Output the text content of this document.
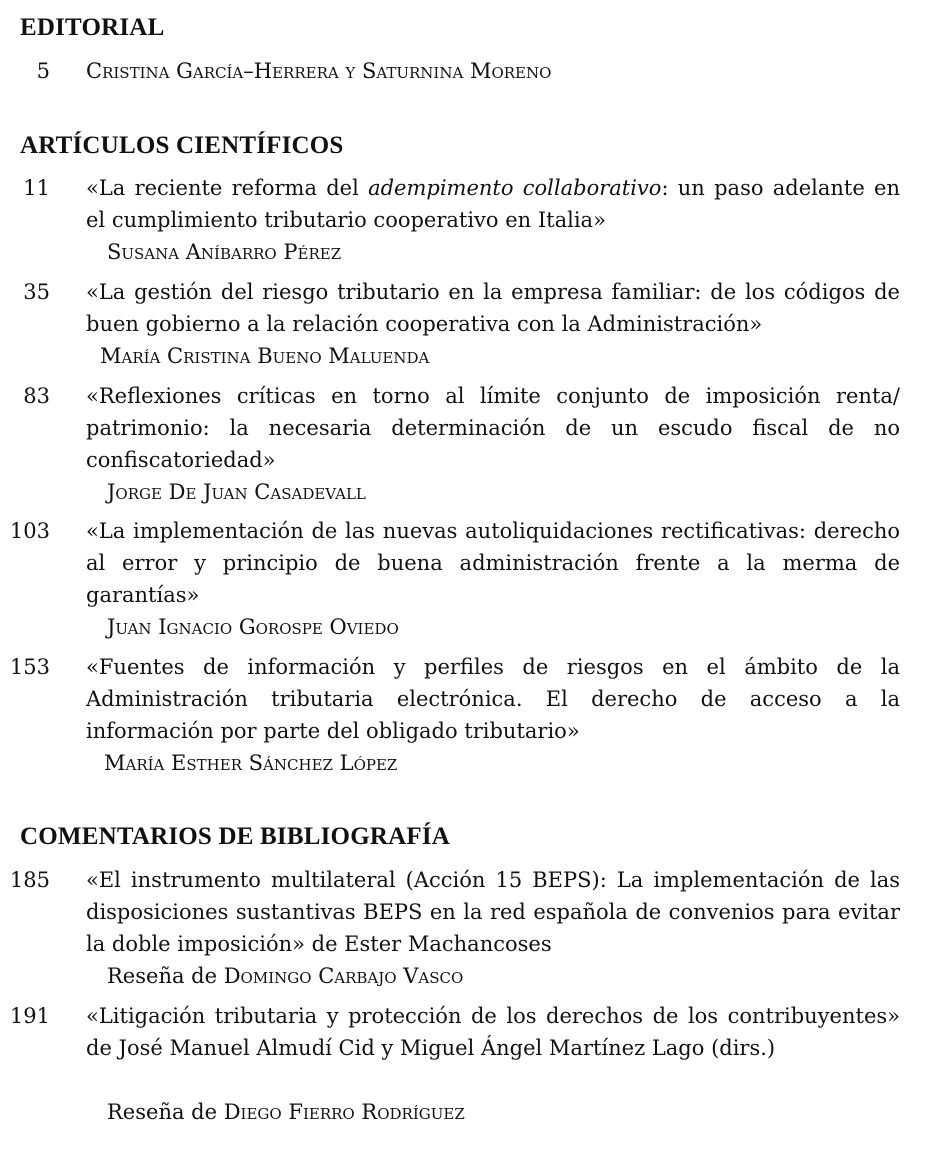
EDITORIAL
5 Cristina García–Herrera y Saturnina Moreno
ARTÍCULOS CIENTÍFICOS
11 «La reciente reforma del adempimento collaborativo: un paso adelante en el cumplimiento tributario cooperativo en Italia»
Susana Aníbarro Pérez
35 «La gestión del riesgo tributario en la empresa familiar: de los códigos de buen gobierno a la relación cooperativa con la Administración»
María Cristina Bueno Maluenda
83 «Reflexiones críticas en torno al límite conjunto de imposición renta/ patrimonio: la necesaria determinación de un escudo fiscal de no confiscatoriedad»
Jorge De Juan Casadevall
103 «La implementación de las nuevas autoliquidaciones rectificativas: derecho al error y principio de buena administración frente a la merma de garantías»
Juan Ignacio Gorospe Oviedo
153 «Fuentes de información y perfiles de riesgos en el ámbito de la Administración tributaria electrónica. El derecho de acceso a la información por parte del obligado tributario»
María Esther Sánchez López
COMENTARIOS DE BIBLIOGRAFÍA
185 «El instrumento multilateral (Acción 15 BEPS): La implementación de las disposiciones sustantivas BEPS en la red española de convenios para evitar la doble imposición» de Ester Machancoses
Reseña de Domingo Carbajo Vasco
191 «Litigación tributaria y protección de los derechos de los contribuyentes» de José Manuel Almudí Cid y Miguel Ángel Martínez Lago (dirs.)
Reseña de Diego Fierro Rodríguez
